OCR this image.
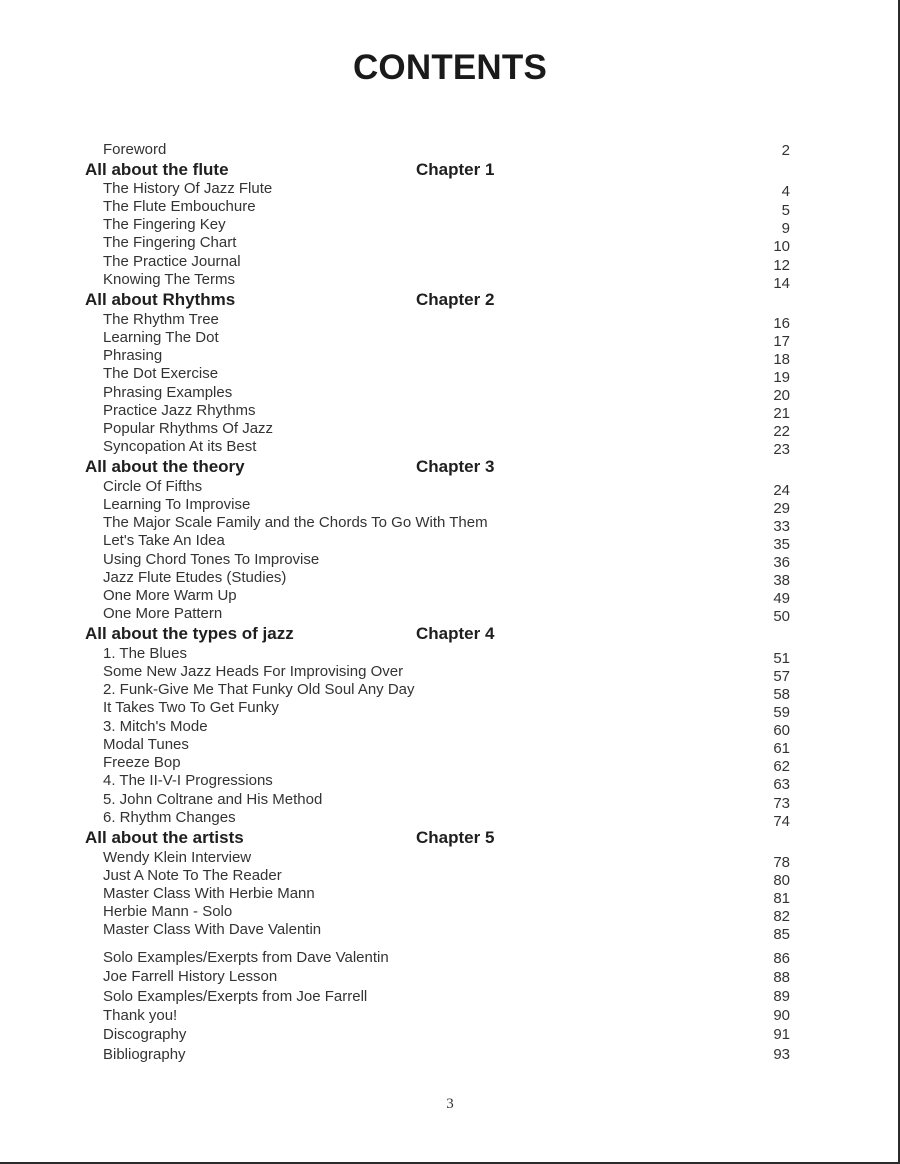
CONTENTS
Foreword	2
All about the flute	Chapter 1
The History Of Jazz Flute	4
The Flute Embouchure	5
The Fingering Key	9
The Fingering Chart	10
The Practice Journal	12
Knowing The Terms	14
All about Rhythms	Chapter 2
The Rhythm Tree	16
Learning The Dot	17
Phrasing	18
The Dot Exercise	19
Phrasing Examples	20
Practice Jazz Rhythms	21
Popular Rhythms Of Jazz	22
Syncopation At its Best	23
All about the theory	Chapter 3
Circle Of Fifths	24
Learning To Improvise	29
The Major Scale Family and the Chords To Go With Them	33
Let's Take An Idea	35
Using Chord Tones To Improvise	36
Jazz Flute Etudes (Studies)	38
One More Warm Up	49
One More Pattern	50
All about the types of jazz	Chapter 4
1. The Blues	51
Some New Jazz Heads For Improvising Over	57
2. Funk-Give Me That Funky Old Soul Any Day	58
It Takes Two To Get Funky	59
3. Mitch's Mode	60
Modal Tunes	61
Freeze Bop	62
4. The II-V-I Progressions	63
5. John Coltrane and His Method	73
6. Rhythm Changes	74
All about the artists	Chapter 5
Wendy Klein Interview	78
Just A Note To The Reader	80
Master Class With Herbie Mann	81
Herbie Mann - Solo	82
Master Class With Dave Valentin	85
Solo Examples/Exerpts from Dave Valentin	86
Joe Farrell History Lesson	88
Solo Examples/Exerpts from Joe Farrell	89
Thank you!	90
Discography	91
Bibliography	93
3
